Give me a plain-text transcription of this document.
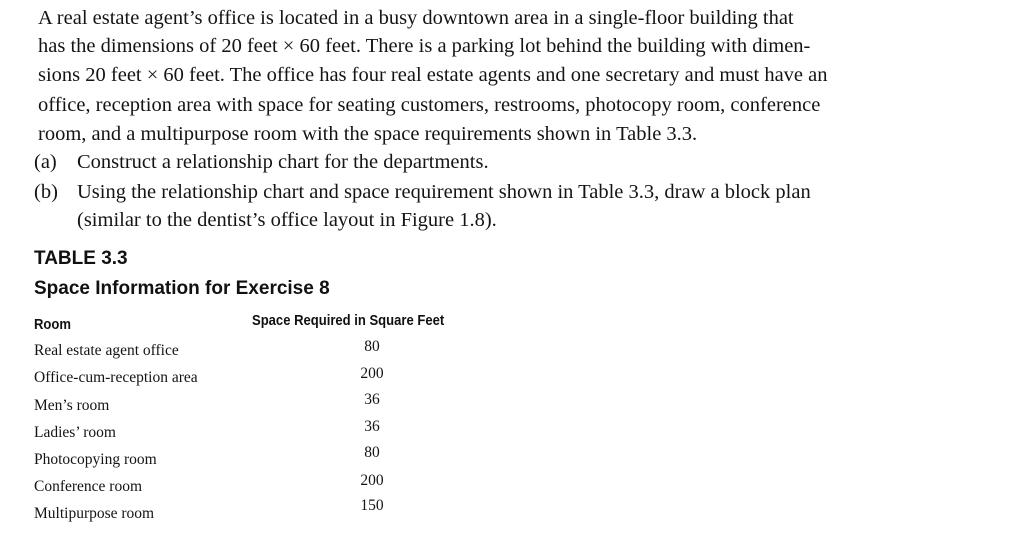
A real estate agent’s office is located in a busy downtown area in a single-floor building that
has the dimensions of 20 feet × 60 feet. There is a parking lot behind the building with dimen-
sions 20 feet × 60 feet. The office has four real estate agents and one secretary and must have an
office, reception area with space for seating customers, restrooms, photocopy room, conference
room, and a multipurpose room with the space requirements shown in Table 3.3.
(a) Construct a relationship chart for the departments.
(b) Using the relationship chart and space requirement shown in Table 3.3, draw a block plan
(similar to the dentist’s office layout in Figure 1.8).
TABLE 3.3
Space Information for Exercise 8
Room	Space Required in Square Feet
Real estate agent office	80
Office-cum-reception area	200
Men’s room	36
Ladies’ room	36
Photocopying room	80
Conference room	200
Multipurpose room	150
